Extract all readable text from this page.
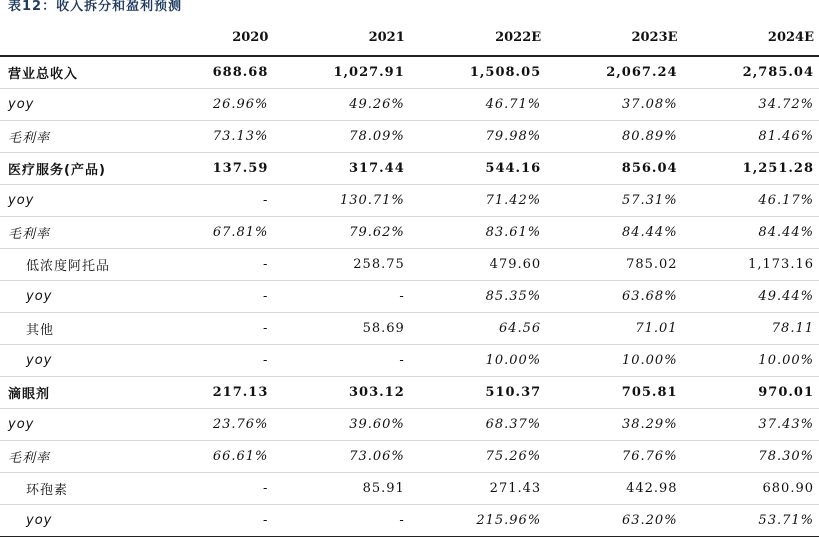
表12：收入拆分和盈利预测
	2020	2021	2022E	2023E	2024E
营业总收入	688.68	1,027.91	1,508.05	2,067.24	2,785.04
yoy	26.96%	49.26%	46.71%	37.08%	34.72%
毛利率	73.13%	78.09%	79.98%	80.89%	81.46%
医疗服务(产品)	137.59	317.44	544.16	856.04	1,251.28
yoy	-	130.71%	71.42%	57.31%	46.17%
毛利率	67.81%	79.62%	83.61%	84.44%	84.44%
低浓度阿托品	-	258.75	479.60	785.02	1,173.16
yoy	-	-	85.35%	63.68%	49.44%
其他	-	58.69	64.56	71.01	78.11
yoy	-	-	10.00%	10.00%	10.00%
滴眼剂	217.13	303.12	510.37	705.81	970.01
yoy	23.76%	39.60%	68.37%	38.29%	37.43%
毛利率	66.61%	73.06%	75.26%	76.76%	78.30%
环孢素	-	85.91	271.43	442.98	680.90
yoy	-	-	215.96%	63.20%	53.71%
